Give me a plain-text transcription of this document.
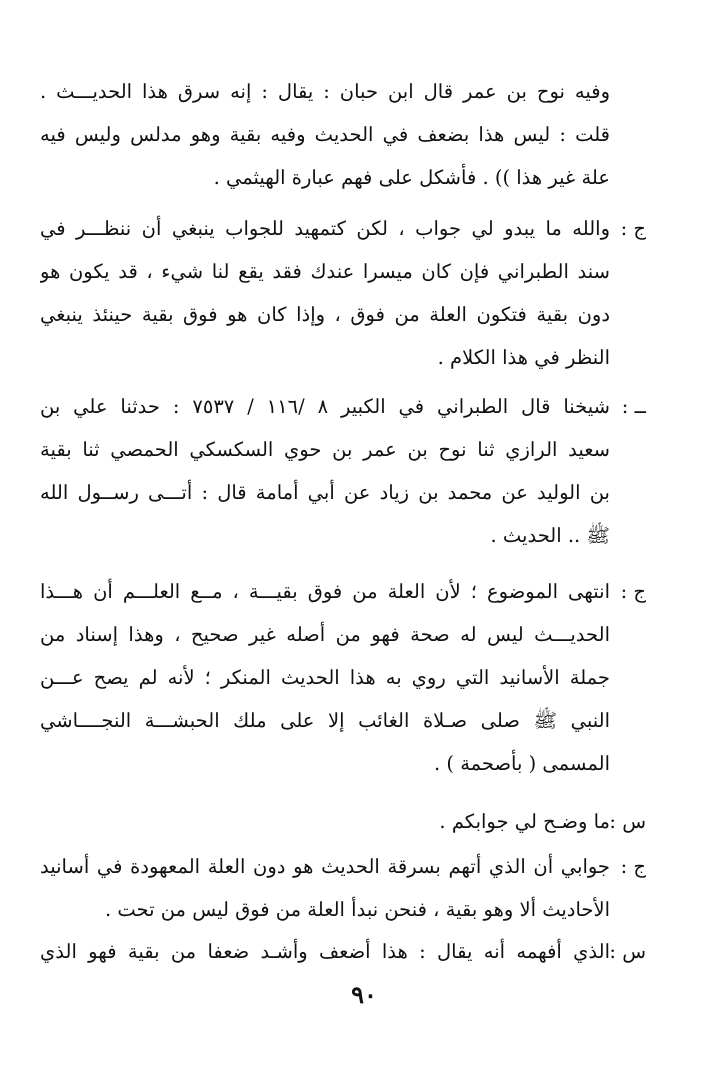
وفيه نوح بن عمر قال ابن حبان : يقال : إنه سرق هذا الحديـــث .
قلت : ليس هذا بضعف في الحديث وفيه بقية وهو مدلس وليس فيه
علة غير هذا )) . فأشكل على فهم عبارة الهيثمي .
ج :
والله ما يبدو لي جواب ، لكن كتمهيد للجواب ينبغي أن ننظـــر في
سند الطبراني فإن كان ميسرا عندك فقد يقع لنا شيء ، قد يكون هو
دون بقية فتكون العلة من فوق ، وإذا كان هو فوق بقية حينئذ ينبغي
النظر في هذا الكلام .
ــ :
شيخنا قال الطبراني في الكبير ٨ /١١٦ / ٧٥٣٧ : حدثنا علي بن
سعيد الرازي ثنا نوح بن عمر بن حوي السكسكي الحمصي ثنا بقية
بن الوليد عن محمد بن زياد عن أبي أمامة قال : أتـــى رســول الله
ﷺ .. الحديث .
ج :
انتهى الموضوع ؛ لأن العلة من فوق بقيـــة ، مــع العلـــم أن هـــذا
الحديـــث ليس له صحة فهو من أصله غير صحيح ، وهذا إسناد من
جملة الأسانيد التي روي به هذا الحديث المنكر ؛ لأنه لم يصح عـــن
النبي ﷺ صلى صـلاة الغائب إلا على ملك الحبشـــة النجــــاشي
المسمى ( بأصحمة ) .
س :
ما وضـح لي جوابكم .
ج :
جوابي أن الذي أتهم بسرقة الحديث هو دون العلة المعهودة في أسانيد
الأحاديث ألا وهو بقية ، فنحن نبدأ العلة من فوق ليس من تحت .
س :
الذي أفهمه أنه يقال : هذا أضعف وأشـد ضعفا من بقية فهو الذي
٩٠
